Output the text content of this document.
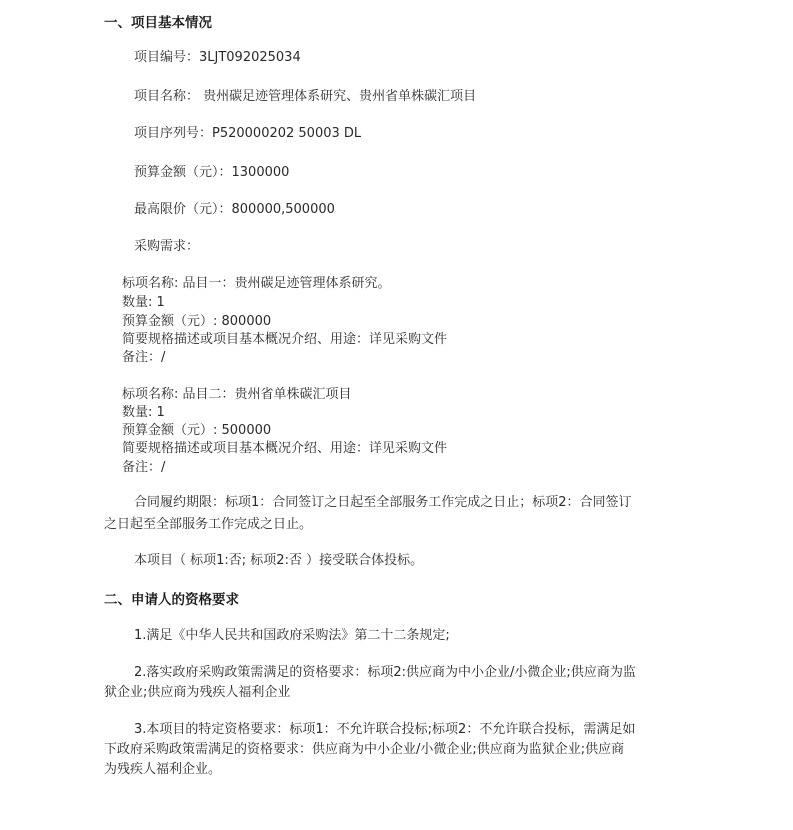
一、项目基本情况
项目编号：3LJT092025034
项目名称： 贵州碳足迹管理体系研究、贵州省单株碳汇项目
项目序列号：P520000202 50003 DL
预算金额（元）：1300000
最高限价（元）：800000,500000
采购需求：
标项名称: 品目一：贵州碳足迹管理体系研究。
数量: 1
预算金额（元）: 800000
简要规格描述或项目基本概况介绍、用途：详见采购文件
备注：/
标项名称: 品目二：贵州省单株碳汇项目
数量: 1
预算金额（元）: 500000
简要规格描述或项目基本概况介绍、用途：详见采购文件
备注：/
合同履约期限：标项1：合同签订之日起至全部服务工作完成之日止；标项2：合同签订
之日起至全部服务工作完成之日止。
本项目（ 标项1:否; 标项2:否 ）接受联合体投标。
二、申请人的资格要求
1.满足《中华人民共和国政府采购法》第二十二条规定;
2.落实政府采购政策需满足的资格要求：标项2:供应商为中小企业/小微企业;供应商为监
狱企业;供应商为残疾人福利企业
3.本项目的特定资格要求：标项1：不允许联合投标;标项2：不允许联合投标，需满足如
下政府采购政策需满足的资格要求：供应商为中小企业/小微企业;供应商为监狱企业;供应商
为残疾人福利企业。
